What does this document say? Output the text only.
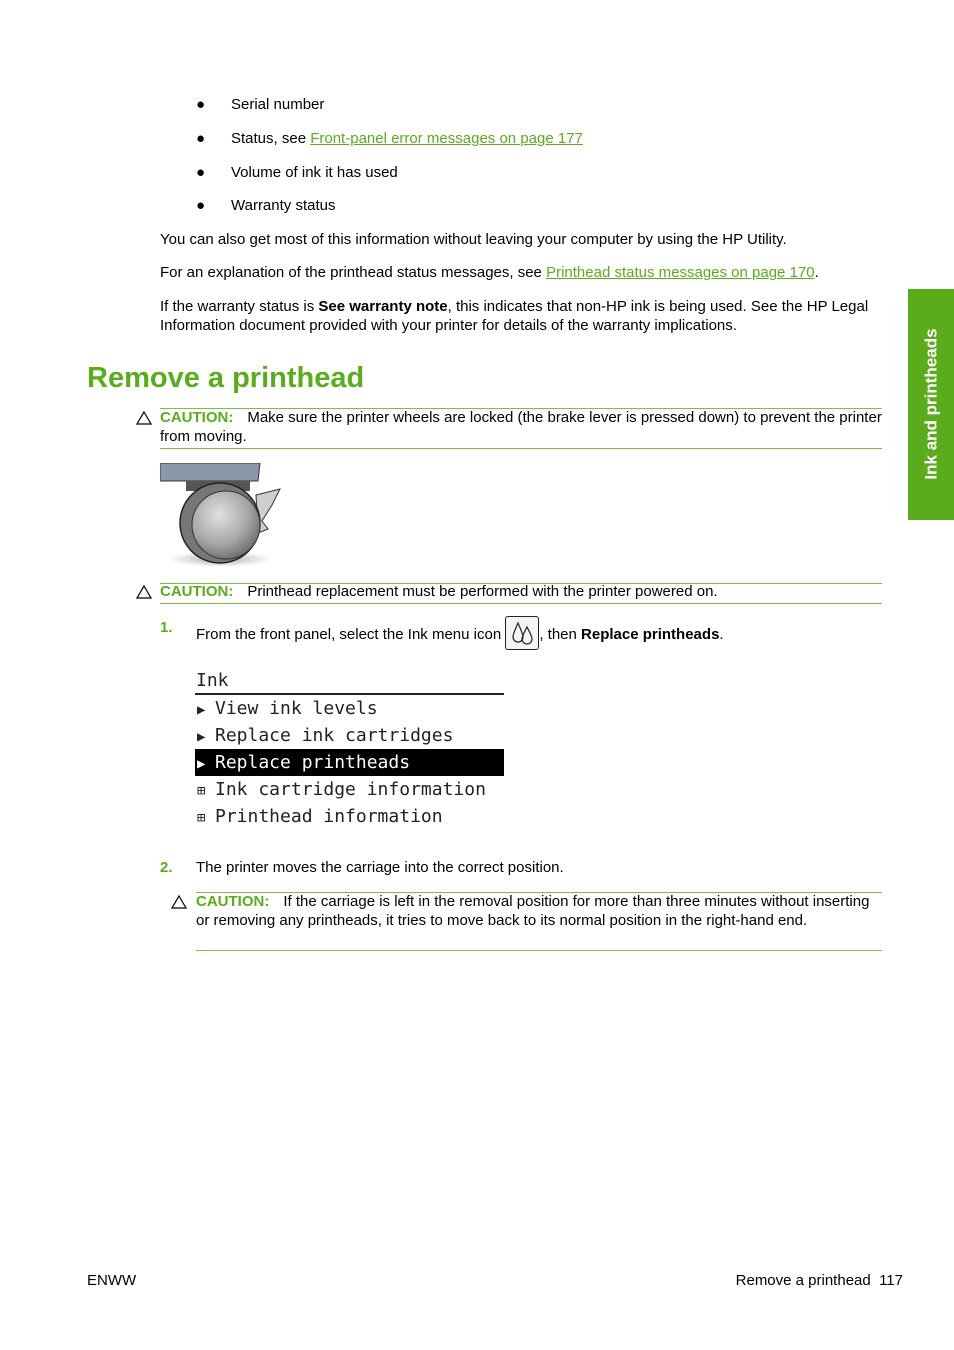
● Serial number
● Status, see Front-panel error messages on page 177
● Volume of ink it has used
● Warranty status
You can also get most of this information without leaving your computer by using the HP Utility.
For an explanation of the printhead status messages, see Printhead status messages on page 170.
If the warranty status is See warranty note, this indicates that non-HP ink is being used. See the HP Legal Information document provided with your printer for details of the warranty implications.
Remove a printhead
CAUTION: Make sure the printer wheels are locked (the brake lever is pressed down) to prevent the printer from moving.
CAUTION: Printhead replacement must be performed with the printer powered on.
1. From the front panel, select the Ink menu icon , then Replace printheads.
Ink
▶ View ink levels
▶ Replace ink cartridges
▶ Replace printheads
⊞ Ink cartridge information
⊞ Printhead information
2. The printer moves the carriage into the correct position.
CAUTION: If the carriage is left in the removal position for more than three minutes without inserting or removing any printheads, it tries to move back to its normal position in the right-hand end.
Ink and printheads
ENWW	Remove a printhead 117
